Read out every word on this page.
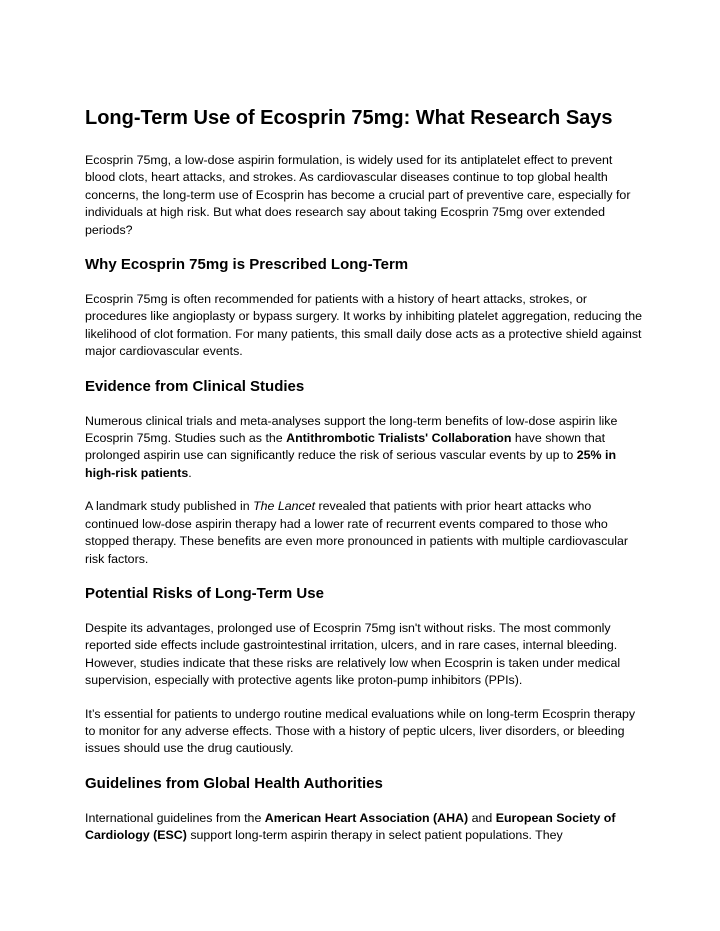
Long-Term Use of Ecosprin 75mg: What Research Says

Ecosprin 75mg, a low-dose aspirin formulation, is widely used for its antiplatelet effect to prevent blood clots, heart attacks, and strokes. As cardiovascular diseases continue to top global health concerns, the long-term use of Ecosprin has become a crucial part of preventive care, especially for individuals at high risk. But what does research say about taking Ecosprin 75mg over extended periods?

Why Ecosprin 75mg is Prescribed Long-Term

Ecosprin 75mg is often recommended for patients with a history of heart attacks, strokes, or procedures like angioplasty or bypass surgery. It works by inhibiting platelet aggregation, reducing the likelihood of clot formation. For many patients, this small daily dose acts as a protective shield against major cardiovascular events.

Evidence from Clinical Studies

Numerous clinical trials and meta-analyses support the long-term benefits of low-dose aspirin like Ecosprin 75mg. Studies such as the Antithrombotic Trialists' Collaboration have shown that prolonged aspirin use can significantly reduce the risk of serious vascular events by up to 25% in high-risk patients.

A landmark study published in The Lancet revealed that patients with prior heart attacks who continued low-dose aspirin therapy had a lower rate of recurrent events compared to those who stopped therapy. These benefits are even more pronounced in patients with multiple cardiovascular risk factors.

Potential Risks of Long-Term Use

Despite its advantages, prolonged use of Ecosprin 75mg isn't without risks. The most commonly reported side effects include gastrointestinal irritation, ulcers, and in rare cases, internal bleeding. However, studies indicate that these risks are relatively low when Ecosprin is taken under medical supervision, especially with protective agents like proton-pump inhibitors (PPIs).

It’s essential for patients to undergo routine medical evaluations while on long-term Ecosprin therapy to monitor for any adverse effects. Those with a history of peptic ulcers, liver disorders, or bleeding issues should use the drug cautiously.

Guidelines from Global Health Authorities

International guidelines from the American Heart Association (AHA) and European Society of Cardiology (ESC) support long-term aspirin therapy in select patient populations. They
